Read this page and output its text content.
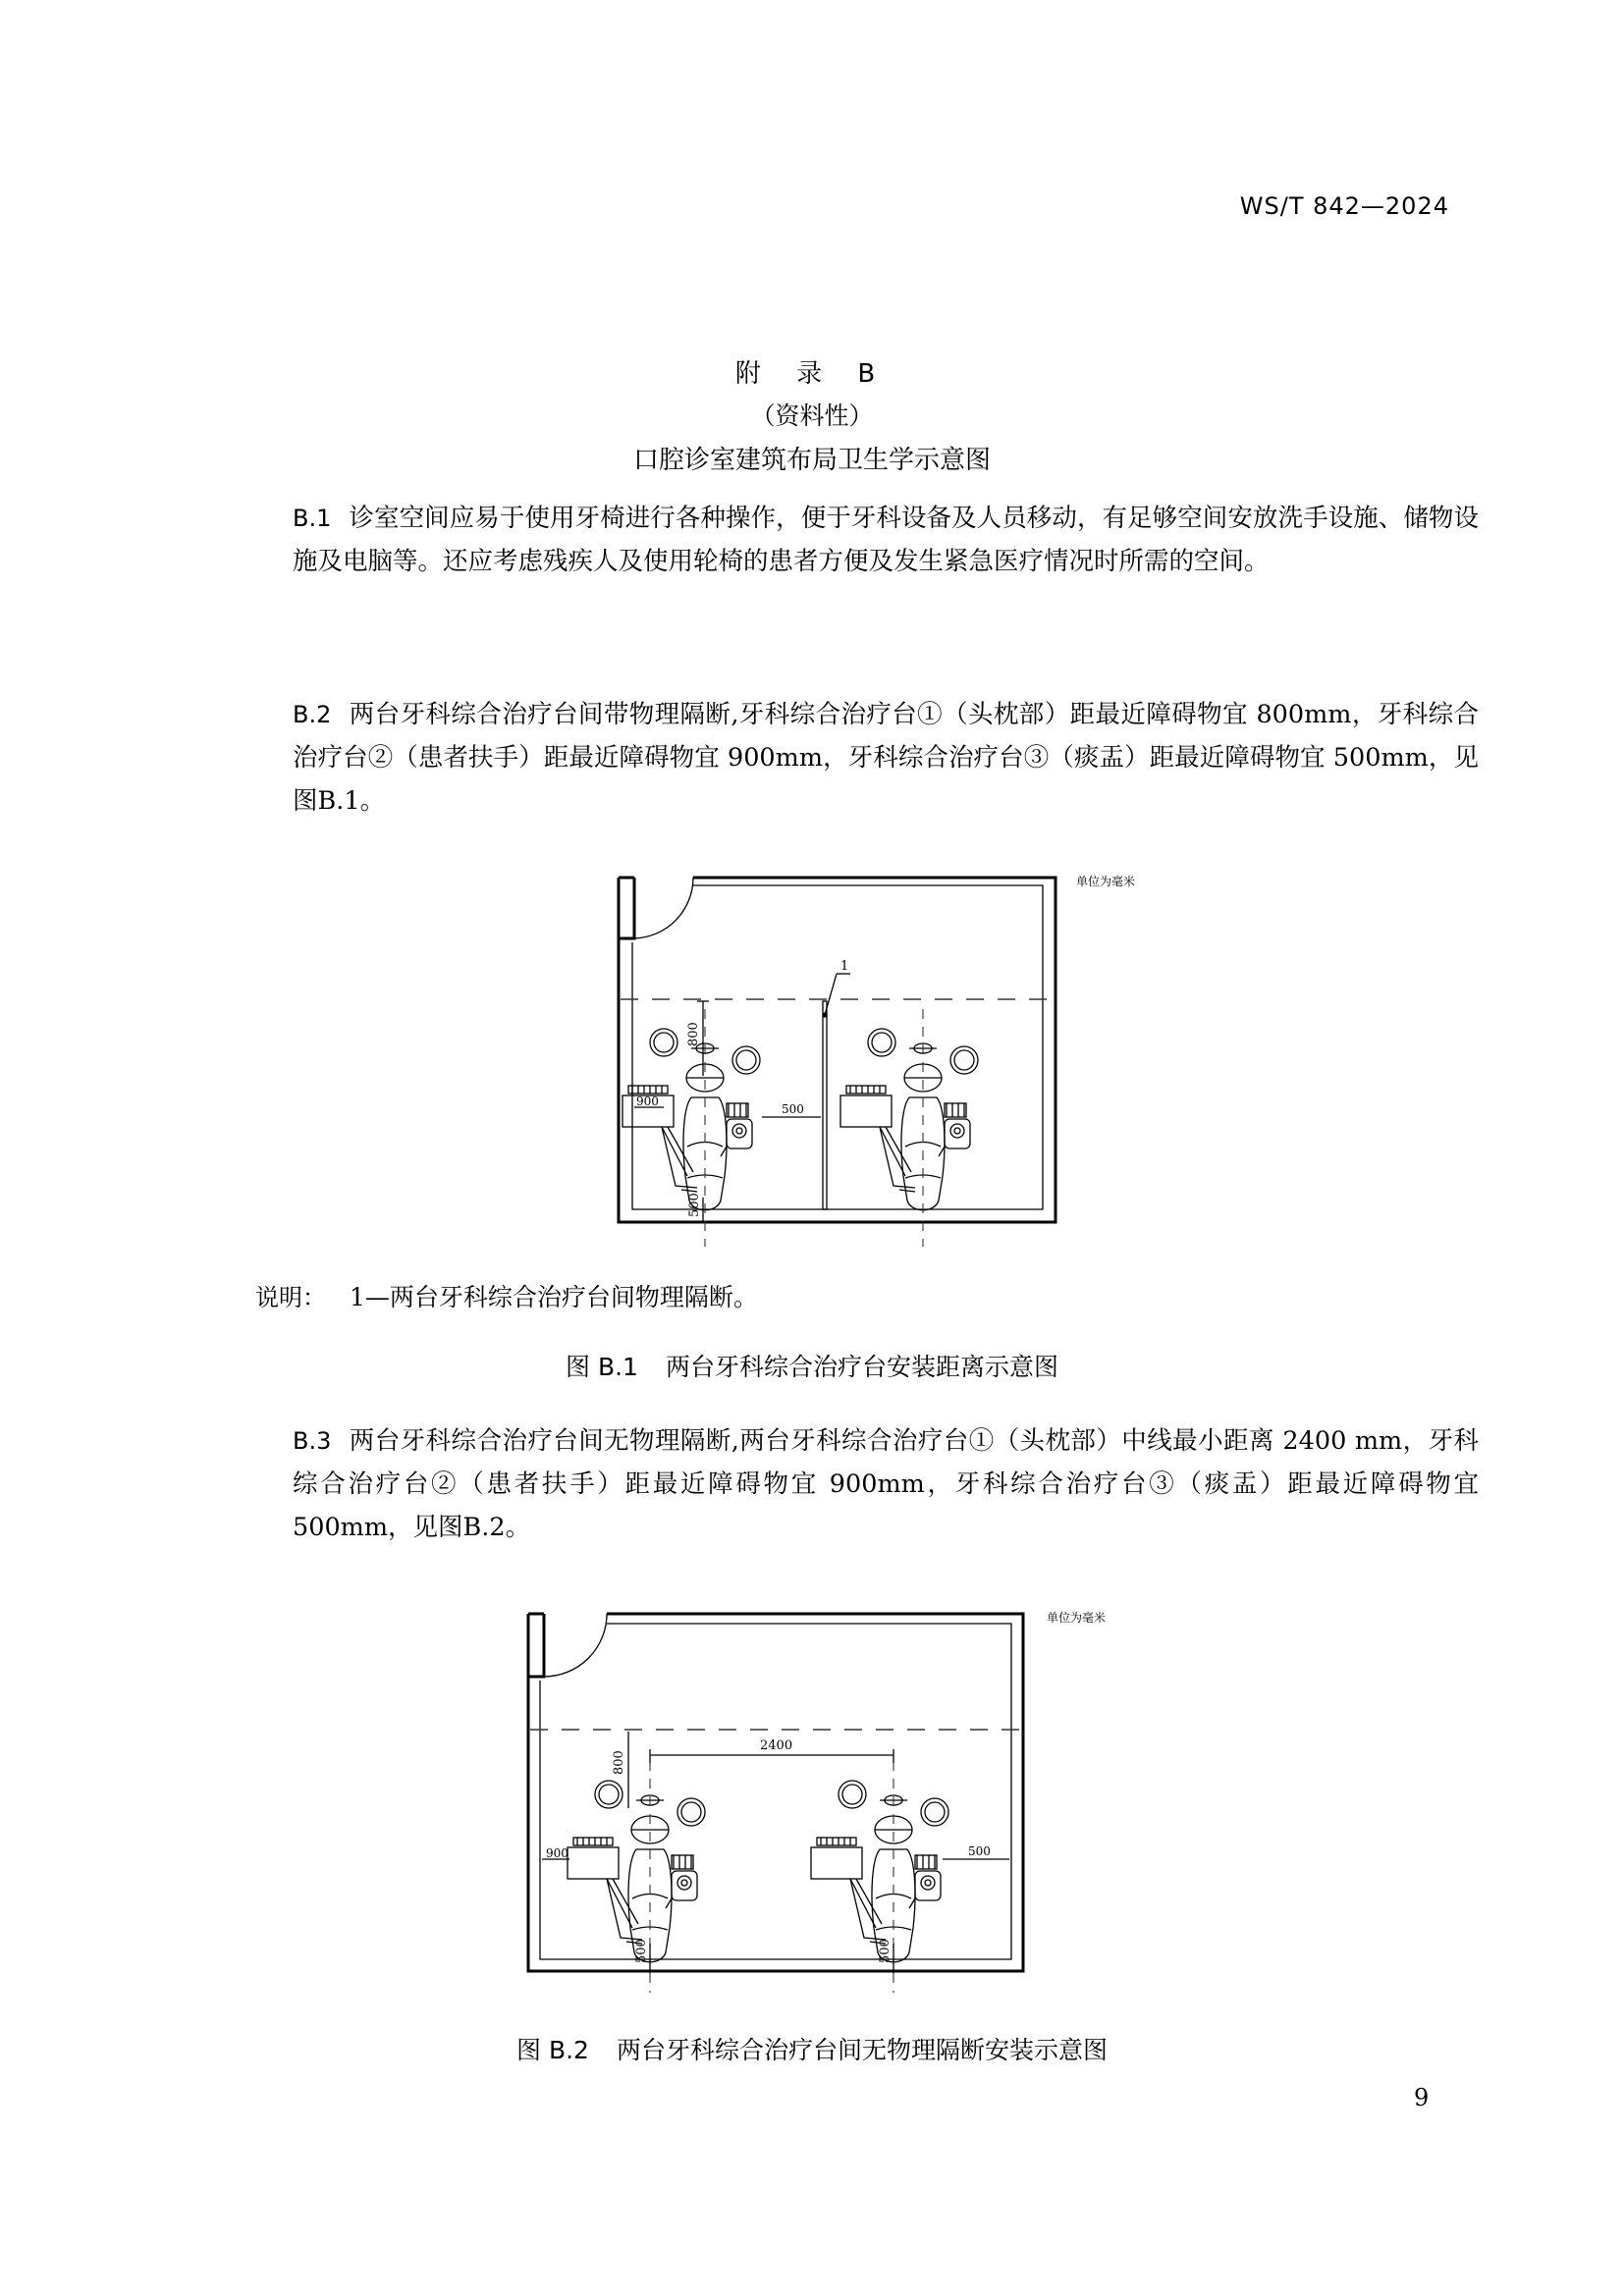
WS/T 842—2024
附 录 B
（资料性）
口腔诊室建筑布局卫生学示意图
B.1 诊室空间应易于使用牙椅进行各种操作，便于牙科设备及人员移动，有足够空间安放洗手设施、储物设施及电脑等。还应考虑残疾人及使用轮椅的患者方便及发生紧急医疗情况时所需的空间。
B.2 两台牙科综合治疗台间带物理隔断,牙科综合治疗台①（头枕部）距最近障碍物宜 800mm，牙科综合治疗台②（患者扶手）距最近障碍物宜 900mm，牙科综合治疗台③（痰盂）距最近障碍物宜 500mm，见图B.1。
1
800
900
500
500
单位为毫米
说明： 1—两台牙科综合治疗台间物理隔断。
图 B.1 两台牙科综合治疗台安装距离示意图
B.3 两台牙科综合治疗台间无物理隔断,两台牙科综合治疗台①（头枕部）中线最小距离 2400 mm，牙科综合治疗台②（患者扶手）距最近障碍物宜 900mm，牙科综合治疗台③（痰盂）距最近障碍物宜 500mm，见图B.2。
2400
800
900	500
500	500
单位为毫米
图 B.2 两台牙科综合治疗台间无物理隔断安装示意图
9
